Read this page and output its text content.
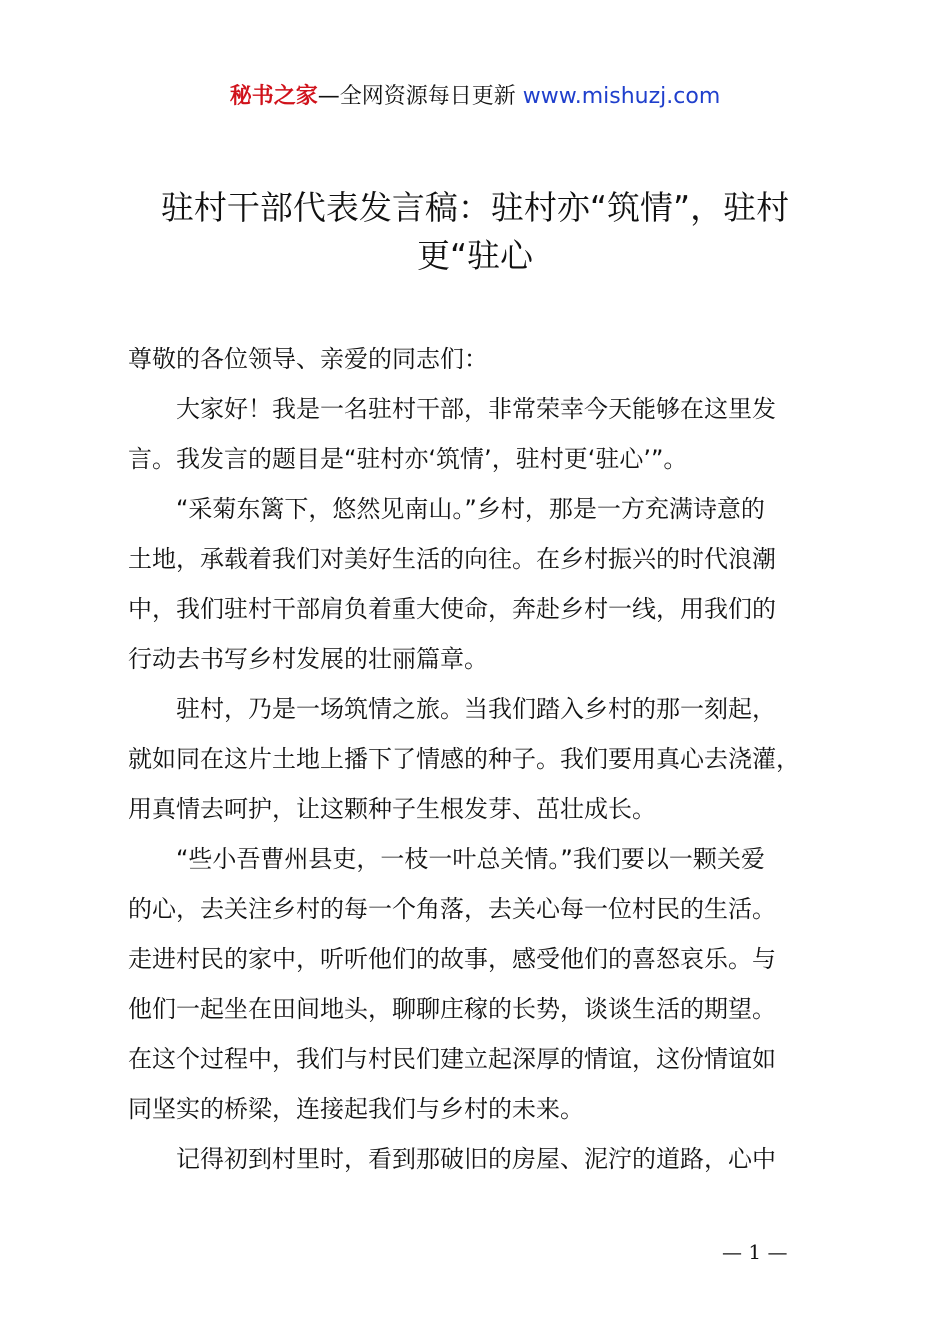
秘书之家—全网资源每日更新 www.mishuzj.com
驻村干部代表发言稿：驻村亦“筑情”，驻村
更“驻心
尊敬的各位领导、亲爱的同志们：
大家好！我是一名驻村干部，非常荣幸今天能够在这里发
言。我发言的题目是“驻村亦‘筑情’，驻村更‘驻心’”。
“采菊东篱下，悠然见南山。”乡村，那是一方充满诗意的
土地，承载着我们对美好生活的向往。在乡村振兴的时代浪潮
中，我们驻村干部肩负着重大使命，奔赴乡村一线，用我们的
行动去书写乡村发展的壮丽篇章。
驻村，乃是一场筑情之旅。当我们踏入乡村的那一刻起，
就如同在这片土地上播下了情感的种子。我们要用真心去浇灌，
用真情去呵护，让这颗种子生根发芽、茁壮成长。
“些小吾曹州县吏，一枝一叶总关情。”我们要以一颗关爱
的心，去关注乡村的每一个角落，去关心每一位村民的生活。
走进村民的家中，听听他们的故事，感受他们的喜怒哀乐。与
他们一起坐在田间地头，聊聊庄稼的长势，谈谈生活的期望。
在这个过程中，我们与村民们建立起深厚的情谊，这份情谊如
同坚实的桥梁，连接起我们与乡村的未来。
记得初到村里时，看到那破旧的房屋、泥泞的道路，心中
— 1 —
